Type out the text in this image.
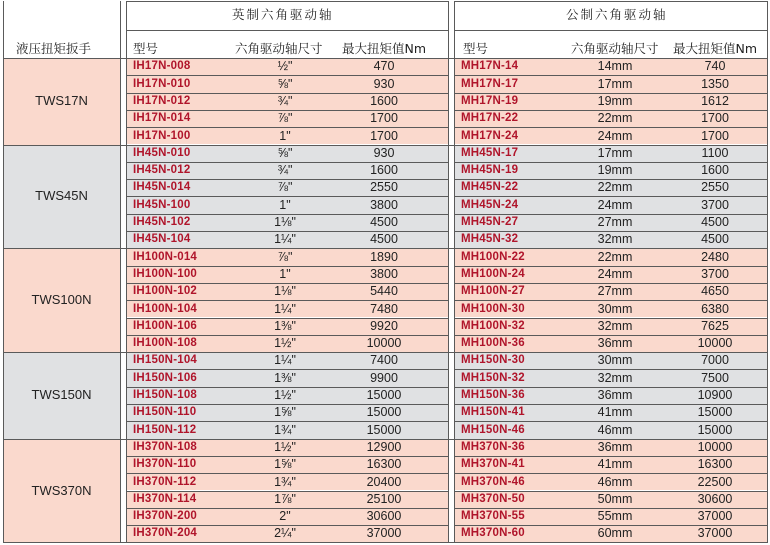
英制六角驱动轴	公制六角驱动轴
液压扭矩扳手	型号	六角驱动轴尺寸 最大扭矩值Nm	型号	六角驱动轴尺寸 最大扭矩值Nm
TWS17N
IH17N-008	½"	470	MH17N-14	14mm	740
IH17N-010	⅝"	930	MH17N-17	17mm	1350
IH17N-012	¾"	1600	MH17N-19	19mm	1612
IH17N-014	⅞"	1700	MH17N-22	22mm	1700
IH17N-100	1"	1700	MH17N-24	24mm	1700
TWS45N
IH45N-010	⅝"	930	MH45N-17	17mm	1100
IH45N-012	¾"	1600	MH45N-19	19mm	1600
IH45N-014	⅞"	2550	MH45N-22	22mm	2550
IH45N-100	1"	3800	MH45N-24	24mm	3700
IH45N-102	1⅛"	4500	MH45N-27	27mm	4500
IH45N-104	1¼"	4500	MH45N-32	32mm	4500
TWS100N
IH100N-014	⅞"	1890	MH100N-22	22mm	2480
IH100N-100	1"	3800	MH100N-24	24mm	3700
IH100N-102	1⅛"	5440	MH100N-27	27mm	4650
IH100N-104	1¼"	7480	MH100N-30	30mm	6380
IH100N-106	1⅜"	9920	MH100N-32	32mm	7625
IH100N-108	1½"	10000	MH100N-36	36mm	10000
TWS150N
IH150N-104	1¼"	7400	MH150N-30	30mm	7000
IH150N-106	1⅜"	9900	MH150N-32	32mm	7500
IH150N-108	1½"	15000	MH150N-36	36mm	10900
IH150N-110	1⅝"	15000	MH150N-41	41mm	15000
IH150N-112	1¾"	15000	MH150N-46	46mm	15000
TWS370N
IH370N-108	1½"	12900	MH370N-36	36mm	10000
IH370N-110	1⅝"	16300	MH370N-41	41mm	16300
IH370N-112	1¾"	20400	MH370N-46	46mm	22500
IH370N-114	1⅞"	25100	MH370N-50	50mm	30600
IH370N-200	2"	30600	MH370N-55	55mm	37000
IH370N-204	2¼"	37000	MH370N-60	60mm	37000
